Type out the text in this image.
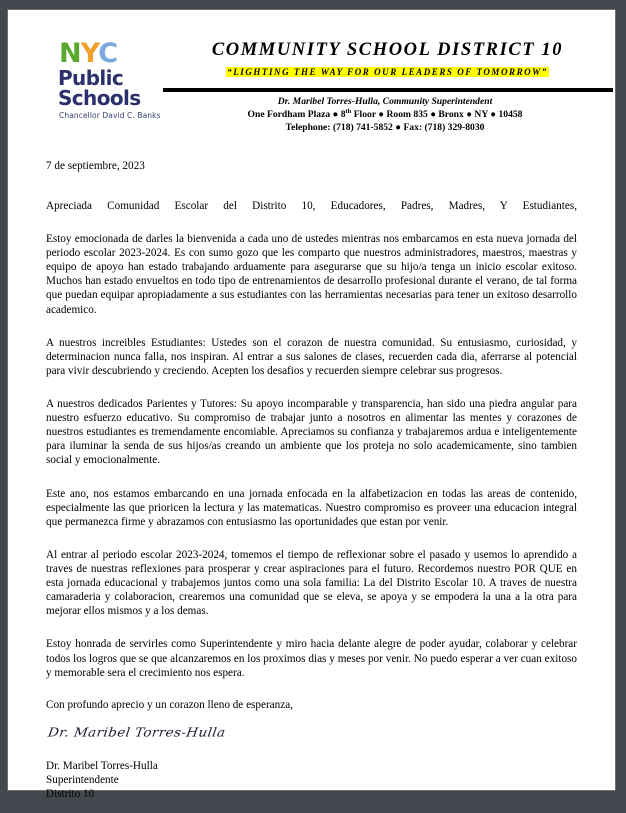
NYC
Public
Schools
Chancellor David C. Banks
COMMUNITY SCHOOL DISTRICT 10
“LIGHTING THE WAY FOR OUR LEADERS OF TOMORROW”
Dr. Maribel Torres-Hulla, Community Superintendent
One Fordham Plaza ● 8th Floor ● Room 835 ● Bronx ● NY ● 10458
Telephone: (718) 741-5852 ● Fax: (718) 329-8030
7 de septiembre, 2023
Apreciada Comunidad Escolar del Distrito 10, Educadores, Padres, Madres, Y Estudiantes,

Estoy emocionada de darles la bienvenida a cada uno de ustedes mientras nos embarcamos en esta nueva jornada del periodo escolar 2023-2024. Es con sumo gozo que les comparto que nuestros administradores, maestros, maestras y equipo de apoyo han estado trabajando arduamente para asegurarse que su hijo/a tenga un inicio escolar exitoso. Muchos han estado envueltos en todo tipo de entrenamientos de desarrollo profesional durante el verano, de tal forma que puedan equipar apropiadamente a sus estudiantes con las herramientas necesarias para tener un exitoso desarrollo academico.

A nuestros increibles Estudiantes: Ustedes son el corazon de nuestra comunidad. Su entusiasmo, curiosidad, y determinacion nunca falla, nos inspiran. Al entrar a sus salones de clases, recuerden cada dia, aferrarse al potencial para vivir descubriendo y creciendo. Acepten los desafios y recuerden siempre celebrar sus progresos.

A nuestros dedicados Parientes y Tutores: Su apoyo incomparable y transparencia, han sido una piedra angular para nuestro esfuerzo educativo. Su compromiso de trabajar junto a nosotros en alimentar las mentes y corazones de nuestros estudiantes es tremendamente encomiable. Apreciamos su confianza y trabajaremos ardua e inteligentemente para iluminar la senda de sus hijos/as creando un ambiente que los proteja no solo academicamente, sino tambien social y emocionalmente.

Este ano, nos estamos embarcando en una jornada enfocada en la alfabetizacion en todas las areas de contenido, especialmente las que prioricen la lectura y las matematicas. Nuestro compromiso es proveer una educacion integral que permanezca firme y abrazamos con entusiasmo las oportunidades que estan por venir.

Al entrar al periodo escolar 2023-2024, tomemos el tiempo de reflexionar sobre el pasado y usemos lo aprendido a traves de nuestras reflexiones para prosperar y crear aspiraciones para el futuro. Recordemos nuestro POR QUE en esta jornada educacional y trabajemos juntos como una sola familia: La del Distrito Escolar 10. A traves de nuestra camaraderia y colaboracion, crearemos una comunidad que se eleva, se apoya y se empodera la una a la otra para mejorar ellos mismos y a los demas.

Estoy honrada de servirles como Superintendente y miro hacia delante alegre de poder ayudar, colaborar y celebrar todos los logros que se que alcanzaremos en los proximos dias y meses por venir. No puedo esperar a ver cuan exitoso y memorable sera el crecimiento nos espera.

Con profundo aprecio y un corazon lleno de esperanza,
Dr. Maribel Torres-Hulla
Dr. Maribel Torres-Hulla
Superintendente
Distrito 10
